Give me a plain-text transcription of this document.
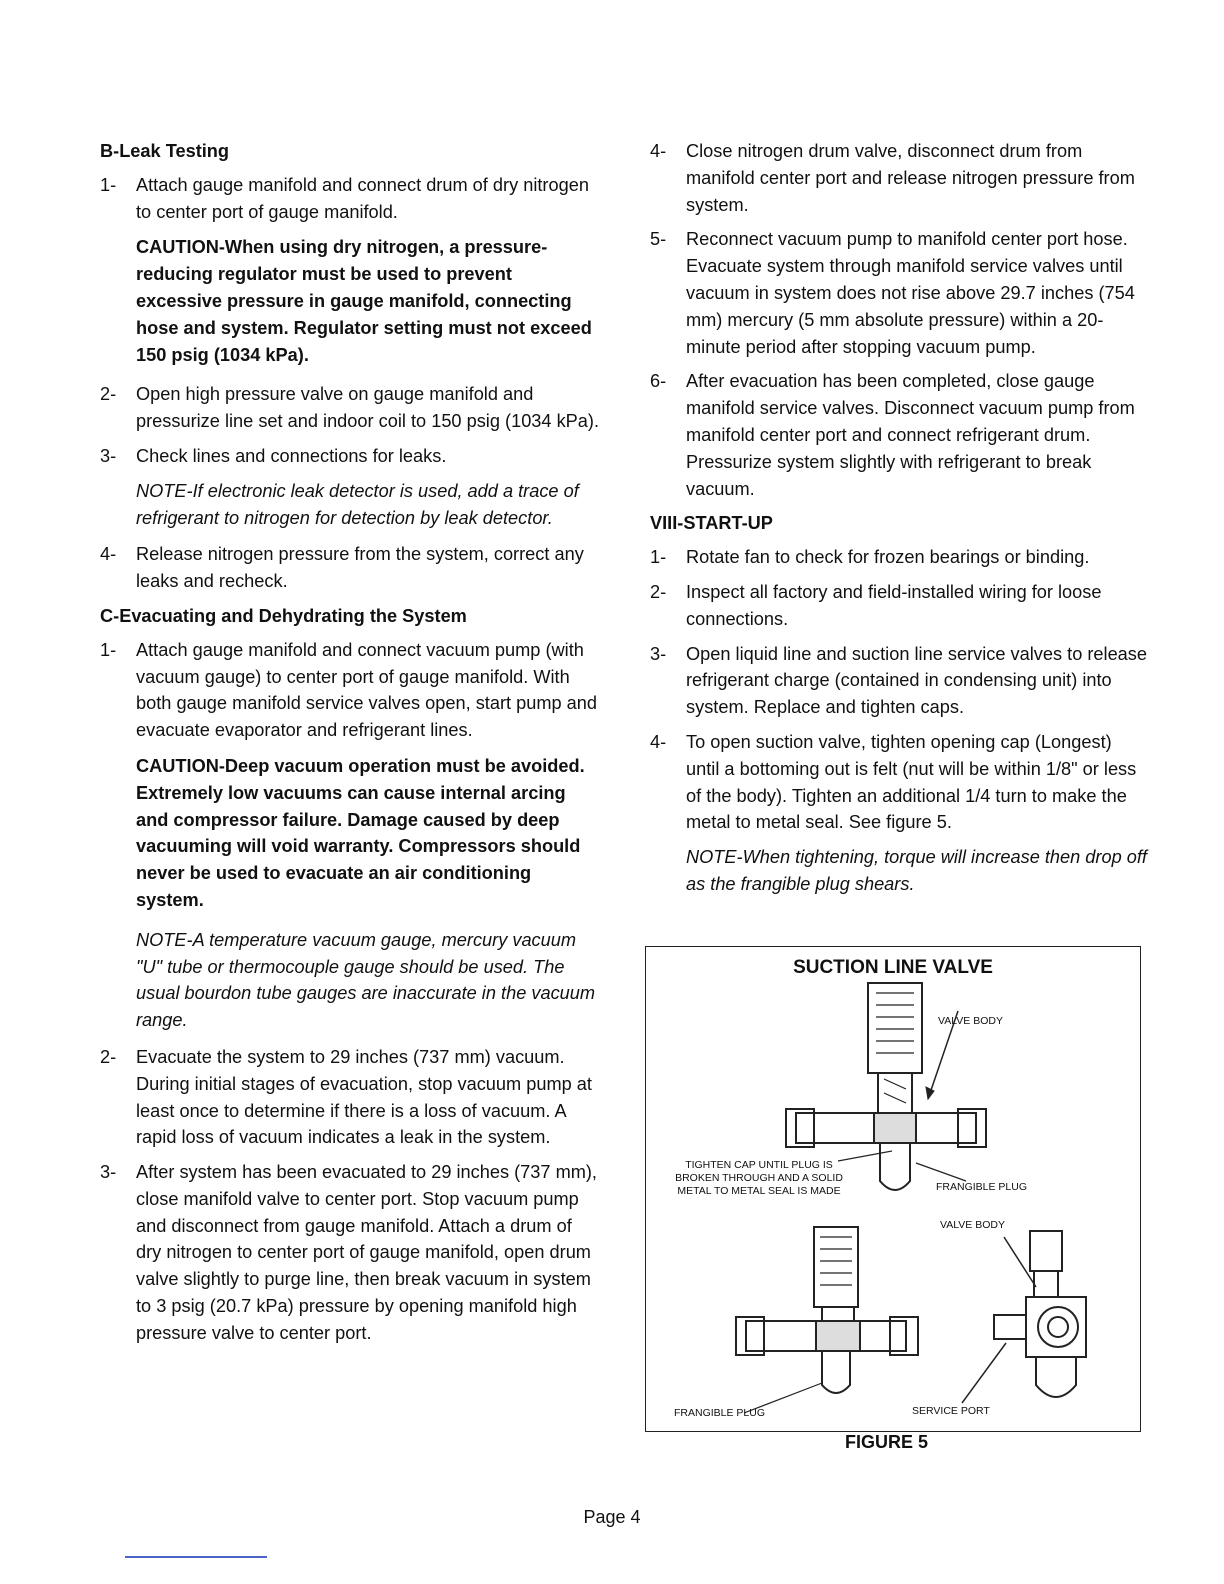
B-Leak Testing
1- Attach gauge manifold and connect drum of dry nitrogen to center port of gauge manifold.
CAUTION-When using dry nitrogen, a pressure-reducing regulator must be used to prevent excessive pressure in gauge manifold, connecting hose and system. Regulator setting must not exceed 150 psig (1034 kPa).
2- Open high pressure valve on gauge manifold and pressurize line set and indoor coil to 150 psig (1034 kPa).
3- Check lines and connections for leaks.
NOTE-If electronic leak detector is used, add a trace of refrigerant to nitrogen for detection by leak detector.
4- Release nitrogen pressure from the system, correct any leaks and recheck.
C-Evacuating and Dehydrating the System
1- Attach gauge manifold and connect vacuum pump (with vacuum gauge) to center port of gauge manifold. With both gauge manifold service valves open, start pump and evacuate evaporator and refrigerant lines.
CAUTION-Deep vacuum operation must be avoided. Extremely low vacuums can cause internal arcing and compressor failure. Damage caused by deep vacuuming will void warranty. Compressors should never be used to evacuate an air conditioning system.
NOTE-A temperature vacuum gauge, mercury vacuum "U" tube or thermocouple gauge should be used. The usual bourdon tube gauges are inaccurate in the vacuum range.
2- Evacuate the system to 29 inches (737 mm) vacuum. During initial stages of evacuation, stop vacuum pump at least once to determine if there is a loss of vacuum. A rapid loss of vacuum indicates a leak in the system.
3- After system has been evacuated to 29 inches (737 mm), close manifold valve to center port. Stop vacuum pump and disconnect from gauge manifold. Attach a drum of dry nitrogen to center port of gauge manifold, open drum valve slightly to purge line, then break vacuum in system to 3 psig (20.7 kPa) pressure by opening manifold high pressure valve to center port.
4- Close nitrogen drum valve, disconnect drum from manifold center port and release nitrogen pressure from system.
5- Reconnect vacuum pump to manifold center port hose. Evacuate system through manifold service valves until vacuum in system does not rise above 29.7 inches (754 mm) mercury (5 mm absolute pressure) within a 20-minute period after stopping vacuum pump.
6- After evacuation has been completed, close gauge manifold service valves. Disconnect vacuum pump from manifold center port and connect refrigerant drum. Pressurize system slightly with refrigerant to break vacuum.
VIII-START-UP
1- Rotate fan to check for frozen bearings or binding.
2- Inspect all factory and field-installed wiring for loose connections.
3- Open liquid line and suction line service valves to release refrigerant charge (contained in condensing unit) into system. Replace and tighten caps.
4- To open suction valve, tighten opening cap (Longest) until a bottoming out is felt (nut will be within 1/8" or less of the body). Tighten an additional 1/4 turn to make the metal to metal seal. See figure 5.
NOTE-When tightening, torque will increase then drop off as the frangible plug shears.
SUCTION LINE VALVE
VALVE BODY
TIGHTEN CAP UNTIL PLUG IS BROKEN THROUGH AND A SOLID METAL TO METAL SEAL IS MADE	FRANGIBLE PLUG
VALVE BODY
FRANGIBLE PLUG	SERVICE PORT
FIGURE 5
Page 4
